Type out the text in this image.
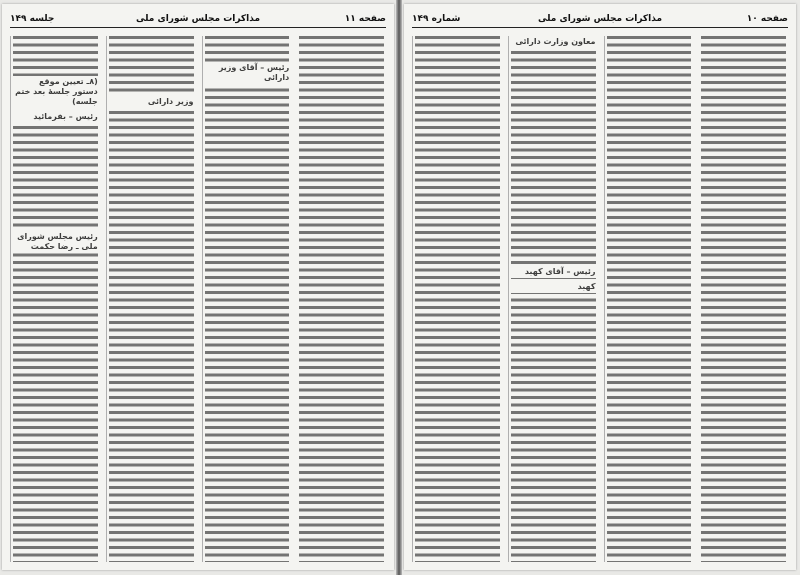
صفحه ۱۱
مذاکرات مجلس شورای ملی
جلسه ۱۴۹
(۸ـ تعیین موقع دستور جلسهٔ بعد ختم جلسه)
رئیس – بفرمائید
رئیس مجلس شورای ملی ـ رضا حکمت
وزیر دارائی
رئیس – آقای وزیر دارائی
صفحه ۱۰
مذاکرات مجلس شورای ملی
شماره ۱۴۹
معاون وزارت دارائی
رئیس – آقای کهبد
کهبد
